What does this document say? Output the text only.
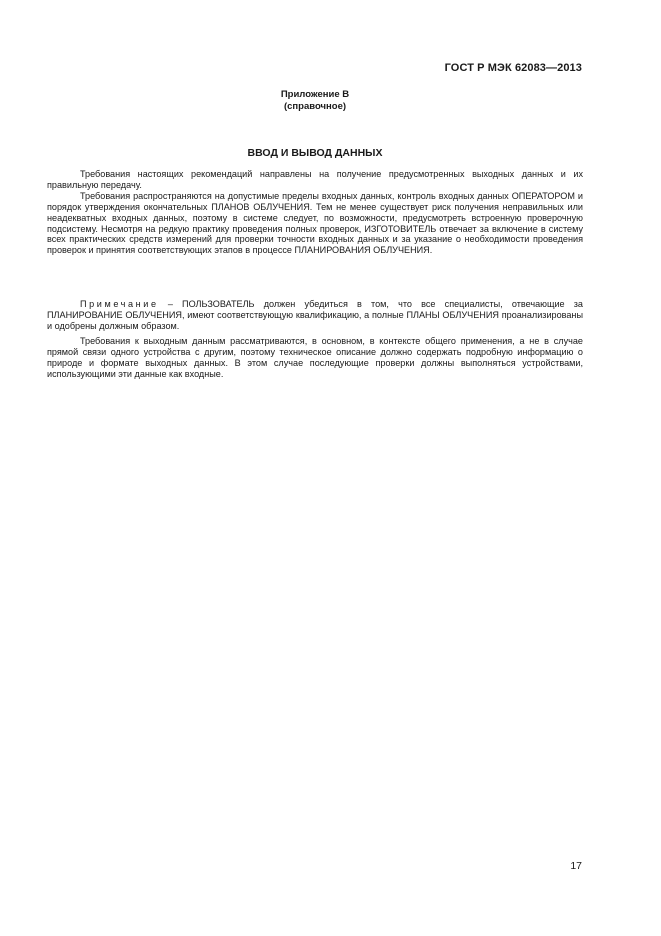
ГОСТ Р МЭК 62083—2013
Приложение В
(справочное)
ВВОД И ВЫВОД ДАННЫХ

Требования настоящих рекомендаций направлены на получение предусмотренных выходных данных и их правильную передачу.

Требования распространяются на допустимые пределы входных данных, контроль входных данных ОПЕРАТОРОМ и порядок утверждения окончательных ПЛАНОВ ОБЛУЧЕНИЯ. Тем не менее существует риск получения неправильных или неадекватных входных данных, поэтому в системе следует, по возможности, предусмотреть встроенную проверочную подсистему. Несмотря на редкую практику проведения полных проверок, ИЗГОТОВИТЕЛЬ отвечает за включение в систему всех практических средств измерений для проверки точности входных данных и за указание о необходимости проведения проверок и принятия соответствующих этапов в процессе ПЛАНИРОВАНИЯ ОБЛУЧЕНИЯ.

Примечание – ПОЛЬЗОВАТЕЛЬ должен убедиться в том, что все специалисты, отвечающие за ПЛАНИРОВАНИЕ ОБЛУЧЕНИЯ, имеют соответствующую квалификацию, а полные ПЛАНЫ ОБЛУЧЕНИЯ проанализированы и одобрены должным образом.

Требования к выходным данным рассматриваются, в основном, в контексте общего применения, а не в случае прямой связи одного устройства с другим, поэтому техническое описание должно содержать подробную информацию о природе и формате выходных данных. В этом случае последующие проверки должны выполняться устройствами, использующими эти данные как входные.

17
